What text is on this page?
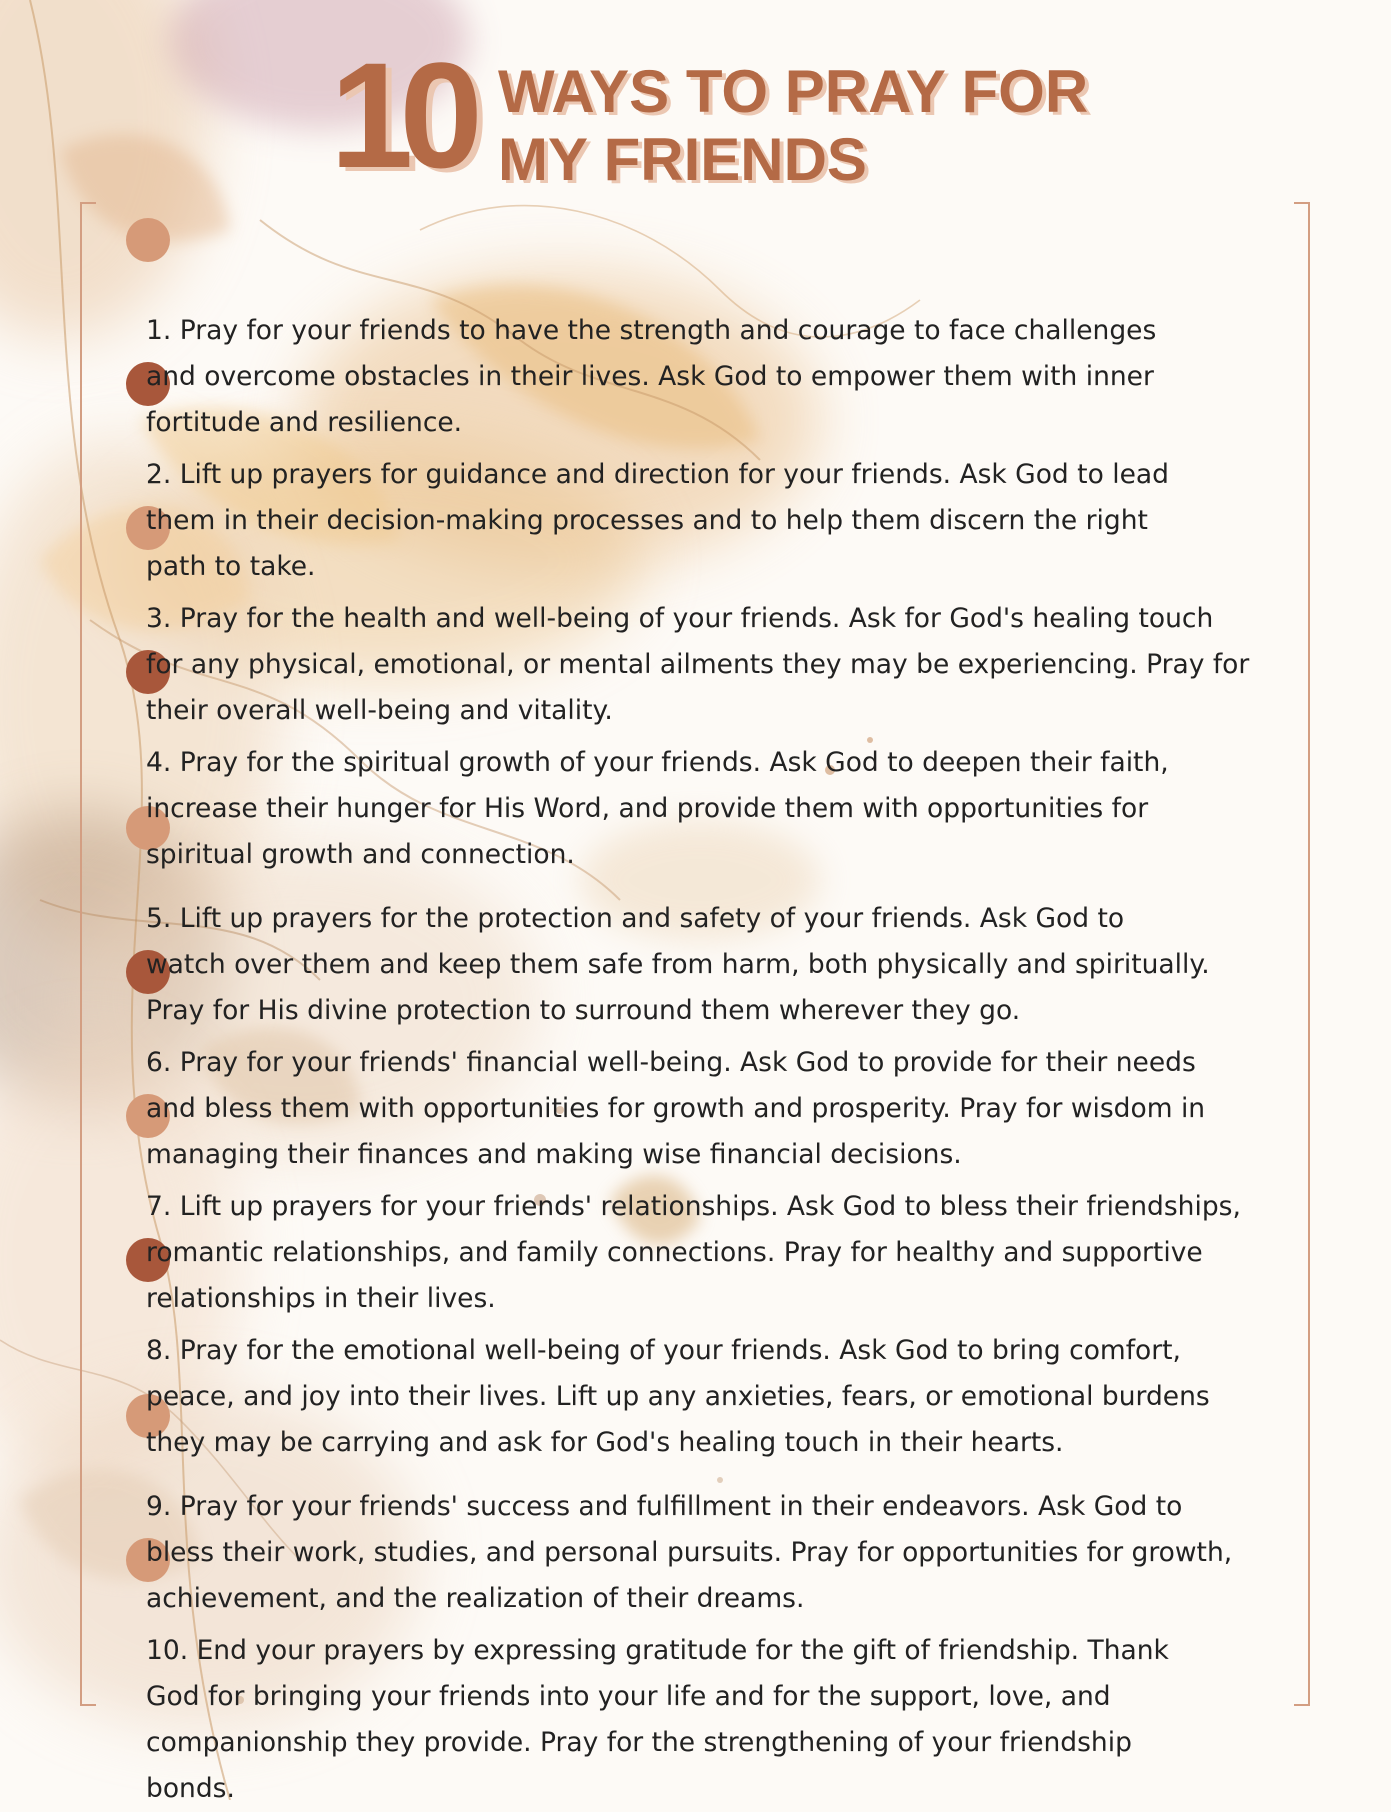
10 WAYS TO PRAY FOR
MY FRIENDS

1. Pray for your friends to have the strength and courage to face challenges
and overcome obstacles in their lives. Ask God to empower them with inner
fortitude and resilience.

2. Lift up prayers for guidance and direction for your friends. Ask God to lead
them in their decision-making processes and to help them discern the right
path to take.

3. Pray for the health and well-being of your friends. Ask for God's healing touch
for any physical, emotional, or mental ailments they may be experiencing. Pray for
their overall well-being and vitality.

4. Pray for the spiritual growth of your friends. Ask God to deepen their faith,
increase their hunger for His Word, and provide them with opportunities for
spiritual growth and connection.

5. Lift up prayers for the protection and safety of your friends. Ask God to
watch over them and keep them safe from harm, both physically and spiritually.
Pray for His divine protection to surround them wherever they go.

6. Pray for your friends' financial well-being. Ask God to provide for their needs
and bless them with opportunities for growth and prosperity. Pray for wisdom in
managing their finances and making wise financial decisions.

7. Lift up prayers for your friends' relationships. Ask God to bless their friendships,
romantic relationships, and family connections. Pray for healthy and supportive
relationships in their lives.

8. Pray for the emotional well-being of your friends. Ask God to bring comfort,
peace, and joy into their lives. Lift up any anxieties, fears, or emotional burdens
they may be carrying and ask for God's healing touch in their hearts.

9. Pray for your friends' success and fulfillment in their endeavors. Ask God to
bless their work, studies, and personal pursuits. Pray for opportunities for growth,
achievement, and the realization of their dreams.

10. End your prayers by expressing gratitude for the gift of friendship. Thank
God for bringing your friends into your life and for the support, love, and
companionship they provide. Pray for the strengthening of your friendship
bonds.
